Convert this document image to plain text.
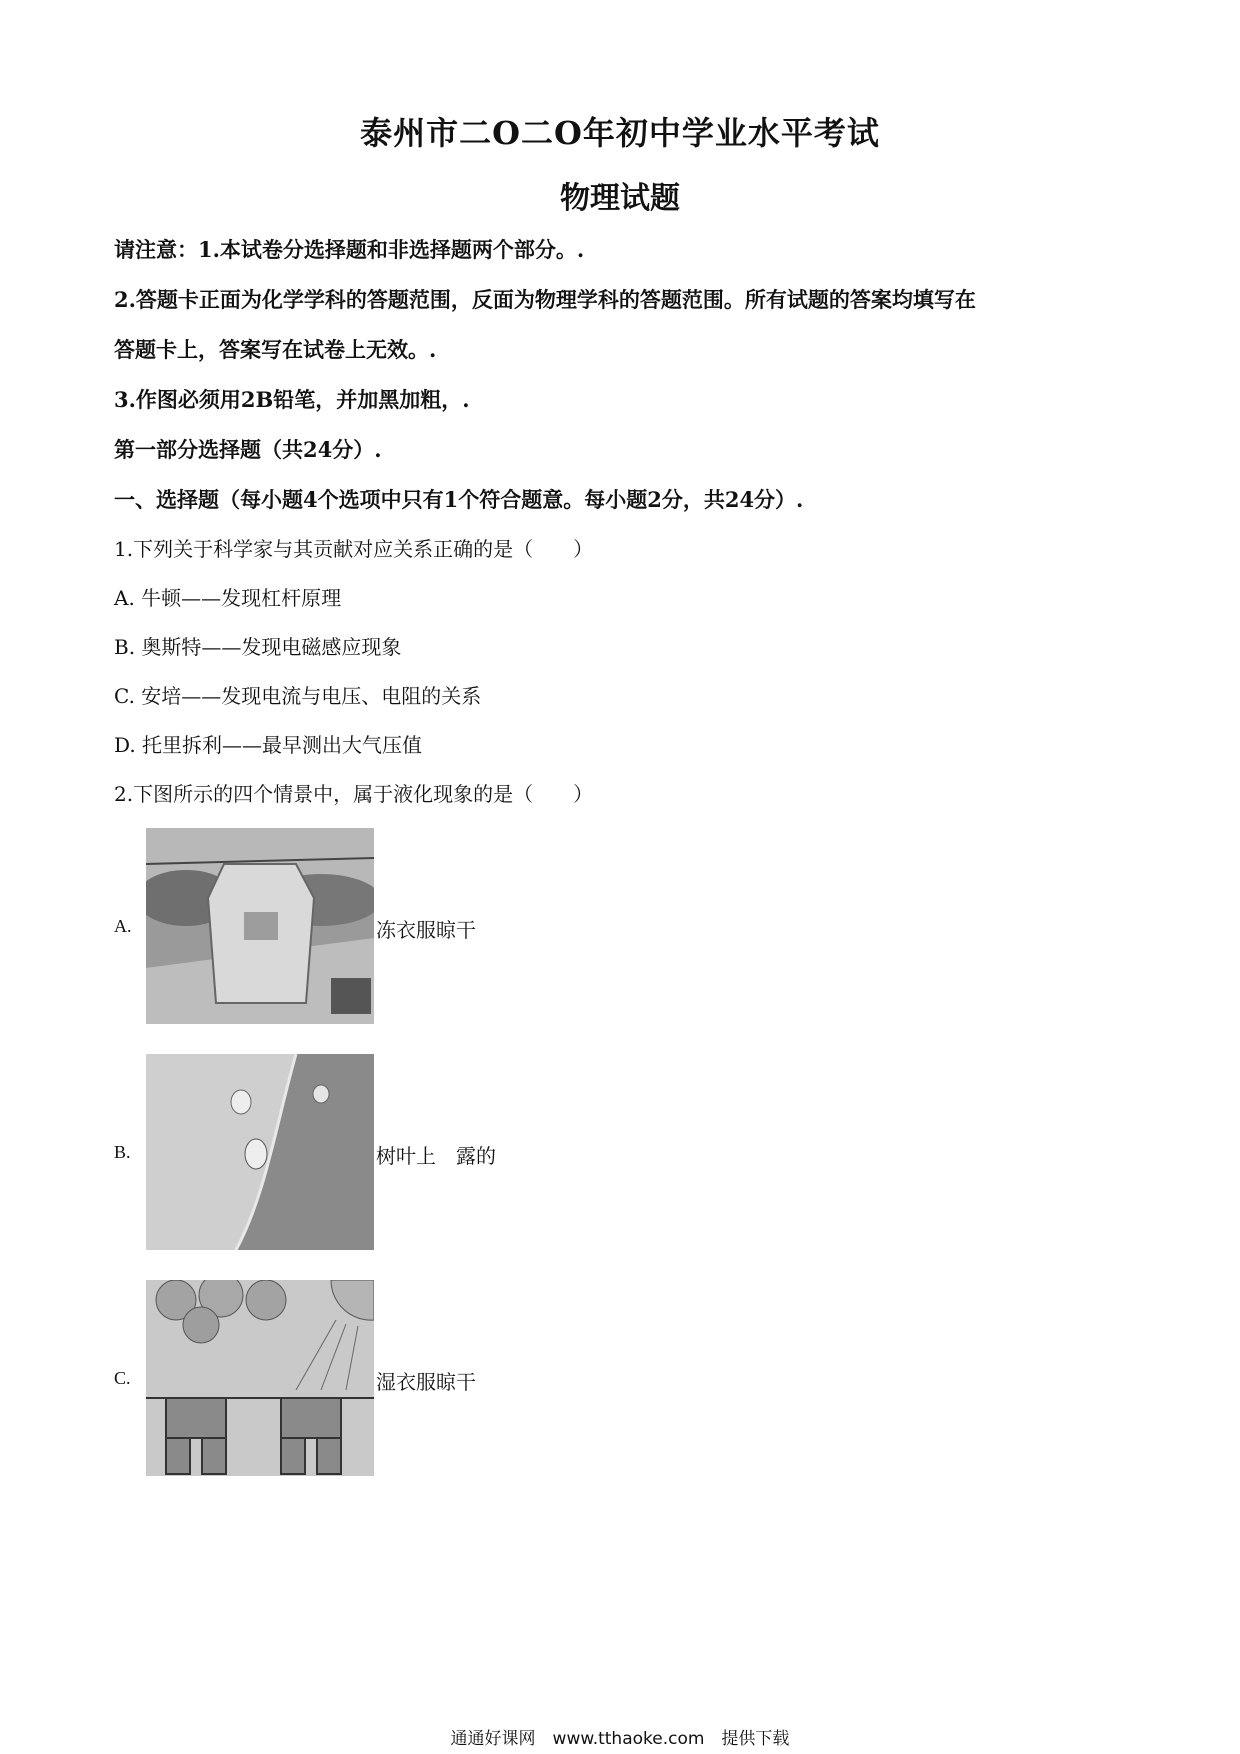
泰州市二O二O年初中学业水平考试
物理试题
请注意：1.本试卷分选择题和非选择题两个部分。.
2.答题卡正面为化学学科的答题范围，反面为物理学科的答题范围。所有试题的答案均填写在
答题卡上，答案写在试卷上无效。.
3.作图必须用2B铅笔，并加黑加粗，.
第一部分选择题（共24分）.
一、选择题（每小题4个选项中只有1个符合题意。每小题2分，共24分）.
1.下列关于科学家与其贡献对应关系正确的是（　　）
A. 牛顿——发现杠杆原理
B. 奥斯特——发现电磁感应现象
C. 安培——发现电流与电压、电阻的关系
D. 托里拆利——最早测出大气压值
2.下图所示的四个情景中，属于液化现象的是（　　）
A.	冻衣服晾干
B.	树叶上　露的
C.	湿衣服晾干
通通好课网　www.tthaoke.com　提供下载
